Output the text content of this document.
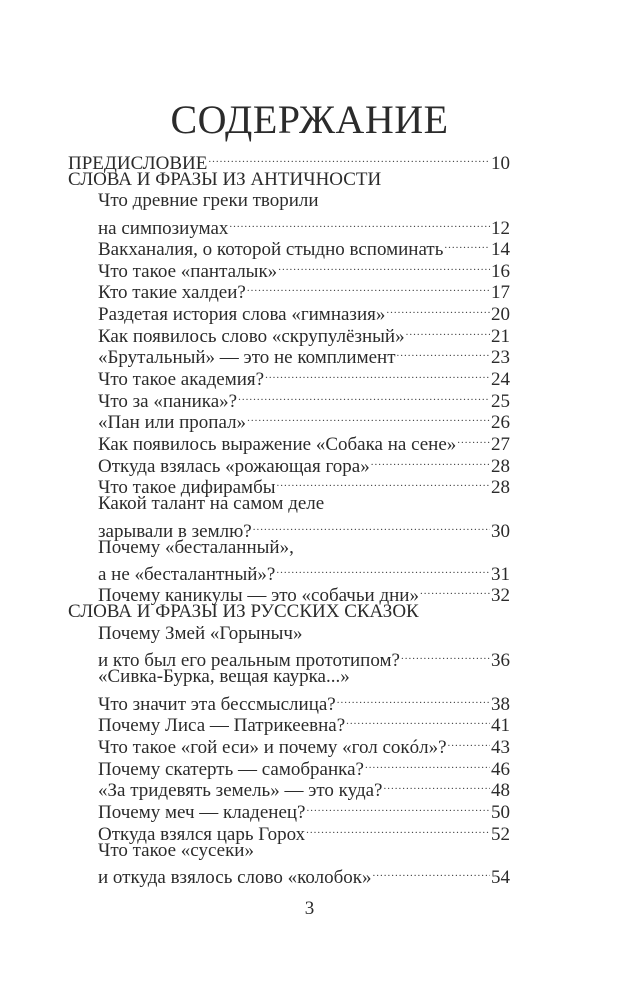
СОДЕРЖАНИЕ
ПРЕДИСЛОВИЕ .....	10
СЛОВА И ФРАЗЫ ИЗ АНТИЧНОСТИ
Что древние греки творили
на симпозиумах .....	12
Вакханалия, о которой стыдно вспоминать .....	14
Что такое «панталык» .....	16
Кто такие халдеи? .....	17
Раздетая история слова «гимназия» .....	20
Как появилось слово «скрупулёзный» .....	21
«Брутальный» — это не комплимент .....	23
Что такое академия? .....	24
Что за «паника»? .....	25
«Пан или пропал» .....	26
Как появилось выражение «Собака на сене» ..... 27
Откуда взялась «рожающая гора» .....	28
Что такое дифирамбы .....	28
Какой талант на самом деле
зарывали в землю? .....	30
Почему «бесталанный»,
а не «бесталантный»? .....	31
Почему каникулы — это «собачьи дни» .....	32
СЛОВА И ФРАЗЫ ИЗ РУССКИХ СКАЗОК
Почему Змей «Горыныч»
и кто был его реальным прототипом? .....	36
«Сивка-Бурка, вещая каурка...»
Что значит эта бессмыслица? .....	38
Почему Лиса — Патрикеевна? .....	41
Что такое «гой еси» и почему «гол сокóл»? ..... 43
Почему скатерть — самобранка? .....	46
«За тридевять земель» — это куда? .....	48
Почему меч — кладенец? .....	50
Откуда взялся царь Горох .....	52
Что такое «сусеки»
и откуда взялось слово «колобок» .....	54
3
